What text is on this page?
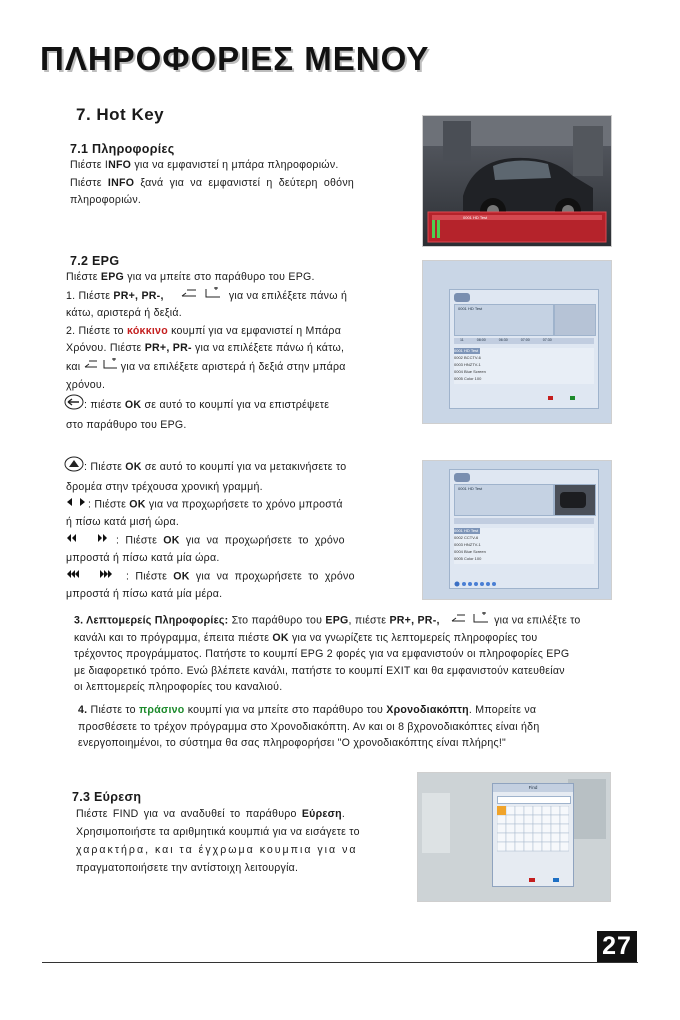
ΠΛΗΡΟΦΟΡΙΕΣ ΜΕΝΟΥ
7. Hot Key
7.1 Πληροφορίες
Πιέστε ΙNFO για να εμφανιστεί η μπάρα πληροφοριών.
Πιέστε INFO ξανά για να εμφανιστεί η δεύτερη οθόνη
πληροφοριών.
0001 HD Test
7.2 EPG
Πιέστε EPG για να μπείτε στο παράθυρο του EPG.
1. Πιέστε PR+, PR-,	για να επιλέξετε πάνω ή
κάτω, αριστερά ή δεξιά.
2. Πιέστε το κόκκινο κουμπί για να εμφανιστεί η Μπάρα
Χρόνου. Πιέστε PR+, PR- για να επιλέξετε πάνω ή κάτω,
και	για να επιλέξετε αριστερά ή δεξιά στην μπάρα
χρόνου.
: πιέστε OK σε αυτό το κουμπί για να επιστρέψετε
στο παράθυρο του EPG.
0001 HD Test
11	08:00	06:30	07:00	07:30
0001 HD Test
0002 BCCTV-6
0003 HNZTV-1
0004 Blue Screen
0005 Color 100
: Πιέστε OK σε αυτό το κουμπί για να μετακινήσετε το
δρομέα στην τρέχουσα χρονική γραμμή.
: Πιέστε OK για να προχωρήσετε το χρόνο μπροστά
ή πίσω κατά μισή ώρα.
: Πιέστε OK για να προχωρήσετε το χρόνο
μπροστά ή πίσω κατά μία ώρα.
: Πιέστε OK για να προχωρήσετε το χρόνο
μπροστά ή πίσω κατά μία μέρα.
0001 HD Test
0001 HD Test
0002 CCTV-6
0003 HNZTV-1
0004 Blue Screen
0005 Color 100
3. Λεπτομερείς Πληροφορίες: Στο παράθυρο του EPG, πιέστε PR+, PR-,	για να επιλέξτε το
κανάλι και το πρόγραμμα, έπειτα πιέστε OK για να γνωρίζετε τις λεπτομερείς πληροφορίες του
τρέχοντος προγράμματος. Πατήστε το κουμπί EPG 2 φορές για να εμφανιστούν οι πληροφορίες EPG
με διαφορετικό τρόπο. Ενώ βλέπετε κανάλι, πατήστε το κουμπί EXIT και θα εμφανιστούν κατευθείαν
οι λεπτομερείς πληροφορίες του καναλιού.
4. Πιέστε το πράσινο κουμπί για να μπείτε στο παράθυρο του Χρονοδιακόπτη. Μπορείτε να
προσθέσετε το τρέχον πρόγραμμα στο Χρονοδιακόπτη. Αν και οι 8 βχρονοδιακόπτες είναι ήδη
ενεργοποιημένοι, το σύστημα θα σας πληροφορήσει "Ο χρονοδιακόπτης είναι πλήρης!"
7.3 Εύρεση
Πιέστε FIND για να αναδυθεί το παράθυρο Εύρεση.
Χρησιμοποιήστε τα αριθμητικά κουμπιά για να εισάγετε το
χαρακτήρα, και τα έγχρωμα κουμπια για να
πραγματοποιήσετε την αντίστοιχη λειτουργία.
Find
27
